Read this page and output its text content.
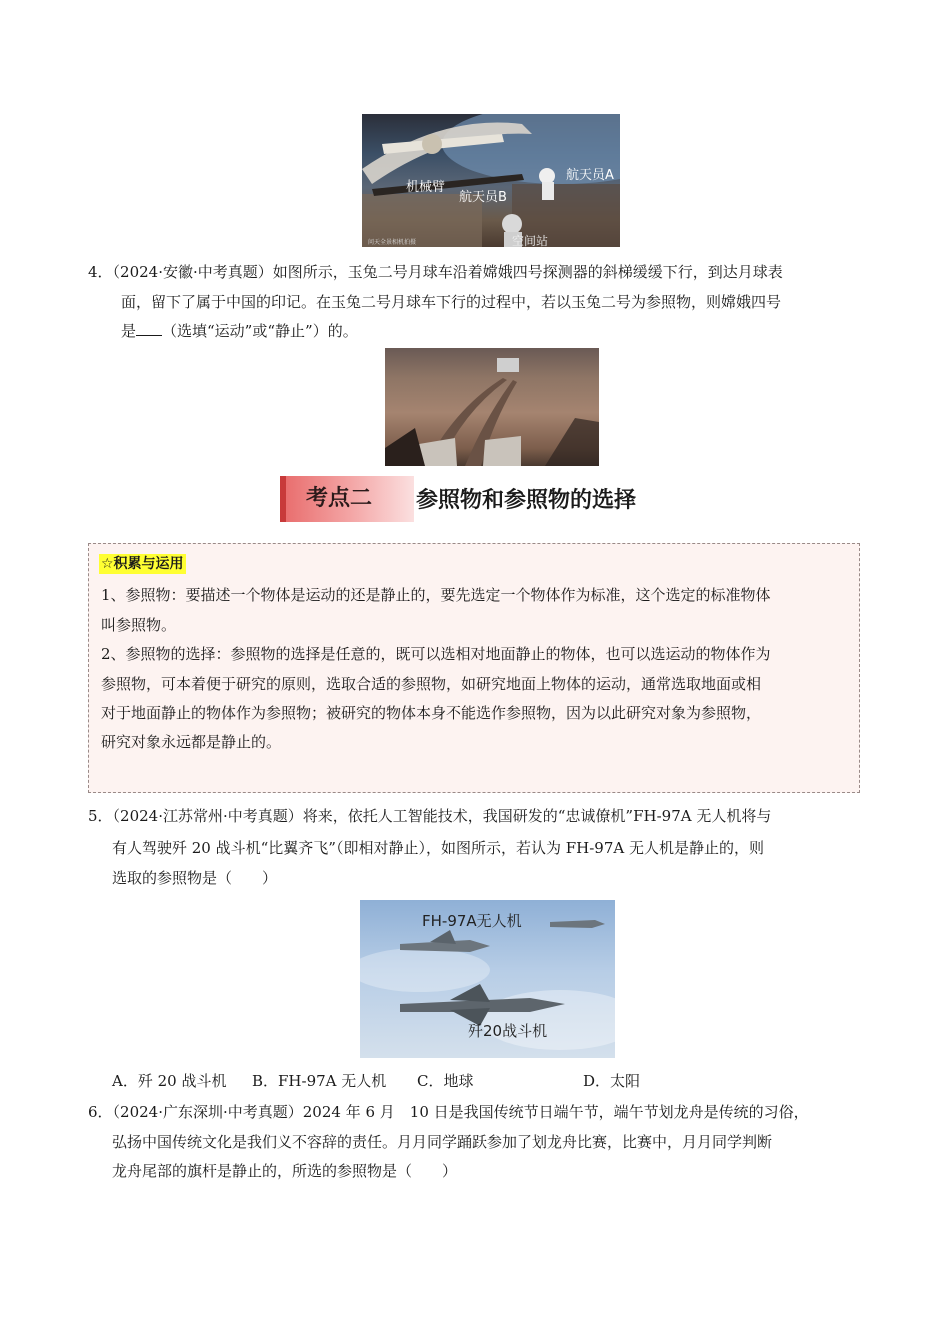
机械臂
航天员B
航天员A
空间站
问天全景相机拍摄
4．（2024·安徽·中考真题）如图所示，玉兔二号月球车沿着嫦娥四号探测器的斜梯缓缓下行，到达月球表
面，留下了属于中国的印记。在玉兔二号月球车下行的过程中，若以玉兔二号为参照物，则嫦娥四号
是 （选填“运动”或“静止”）的。
考点二	参照物和参照物的选择
☆积累与运用

1、参照物：要描述一个物体是运动的还是静止的，要先选定一个物体作为标准，这个选定的标准物体

叫参照物。

2、参照物的选择：参照物的选择是任意的，既可以选相对地面静止的物体，也可以选运动的物体作为

参照物，可本着便于研究的原则，选取合适的参照物，如研究地面上物体的运动，通常选取地面或相

对于地面静止的物体作为参照物；被研究的物体本身不能选作参照物，因为以此研究对象为参照物，

研究对象永远都是静止的。

5．（2024·江苏常州·中考真题）将来，依托人工智能技术，我国研发的“忠诚僚机”FH-97A 无人机将与
有人驾驶歼 20 战斗机“比翼齐飞”（即相对静止），如图所示，若认为 FH-97A 无人机是静止的，则
选取的参照物是（　　）
FH-97A无人机
歼20战斗机
A．歼 20 战斗机 B．FH-97A 无人机 C．地球	D．太阳
6．（2024·广东深圳·中考真题）2024 年 6 月　10 日是我国传统节日端午节，端午节划龙舟是传统的习俗，
弘扬中国传统文化是我们义不容辞的责任。月月同学踊跃参加了划龙舟比赛，比赛中，月月同学判断
龙舟尾部的旗杆是静止的，所选的参照物是（　　）
